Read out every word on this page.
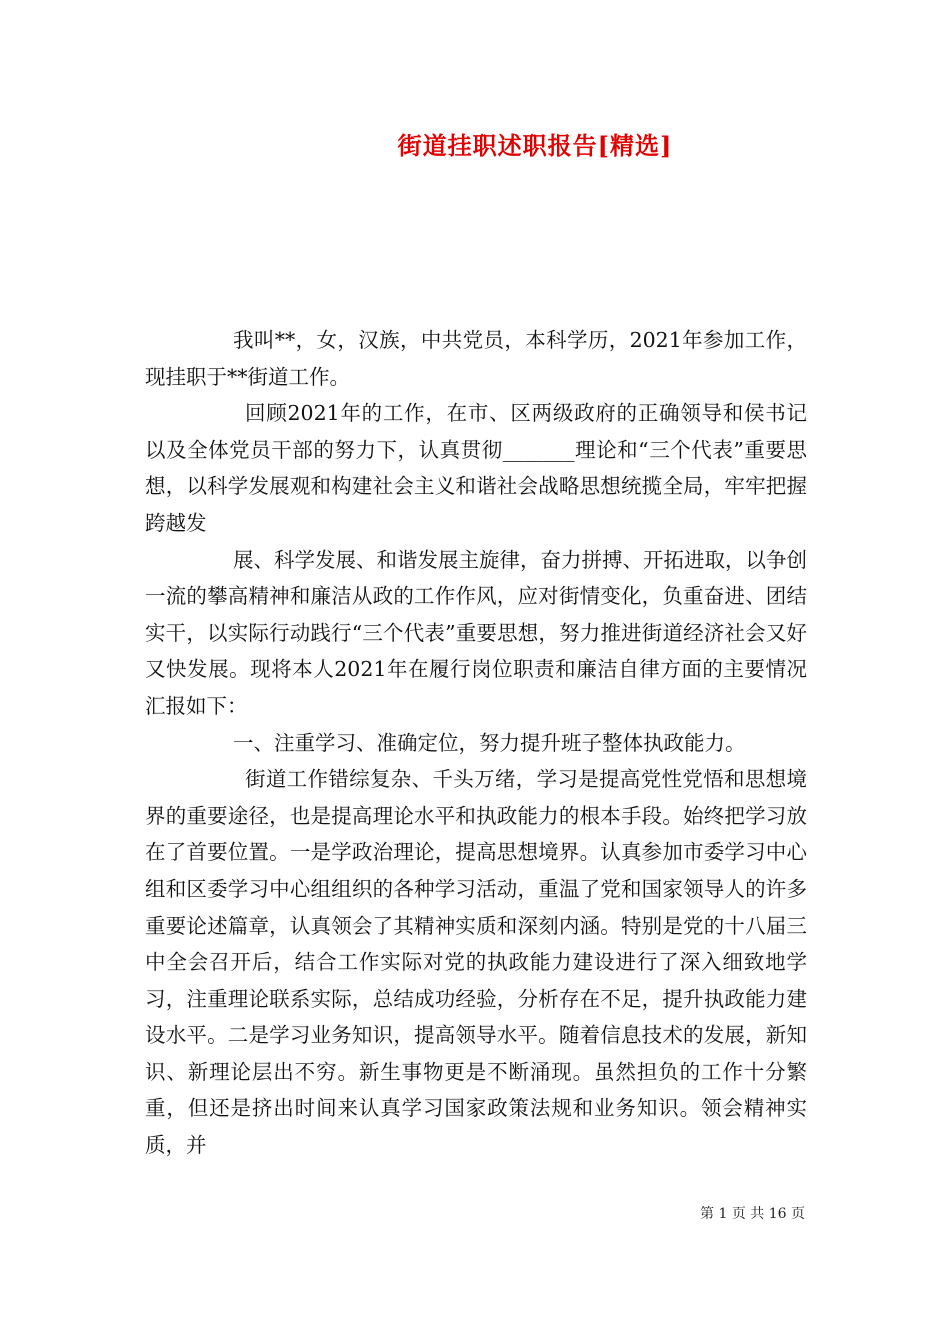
街道挂职述职报告[精选]

我叫**，女，汉族，中共党员，本科学历，2021年参加工作，现挂职于**街道工作。

回顾2021年的工作，在市、区两级政府的正确领导和侯书记以及全体党员干部的努力下，认真贯彻_______理论和“三个代表”重要思想，以科学发展观和构建社会主义和谐社会战略思想统揽全局，牢牢把握跨越发

展、科学发展、和谐发展主旋律，奋力拼搏、开拓进取，以争创一流的攀高精神和廉洁从政的工作作风，应对街情变化，负重奋进、团结实干，以实际行动践行“三个代表”重要思想，努力推进街道经济社会又好又快发展。现将本人2021年在履行岗位职责和廉洁自律方面的主要情况汇报如下：

一、注重学习、准确定位，努力提升班子整体执政能力。

街道工作错综复杂、千头万绪，学习是提高党性党悟和思想境界的重要途径，也是提高理论水平和执政能力的根本手段。始终把学习放在了首要位置。一是学政治理论，提高思想境界。认真参加市委学习中心组和区委学习中心组组织的各种学习活动，重温了党和国家领导人的许多重要论述篇章，认真领会了其精神实质和深刻内涵。特别是党的十八届三中全会召开后，结合工作实际对党的执政能力建设进行了深入细致地学习，注重理论联系实际，总结成功经验，分析存在不足，提升执政能力建设水平。二是学习业务知识，提高领导水平。随着信息技术的发展，新知识、新理论层出不穷。新生事物更是不断涌现。虽然担负的工作十分繁重，但还是挤出时间来认真学习国家政策法规和业务知识。领会精神实质，并

第 1 页 共 16 页
